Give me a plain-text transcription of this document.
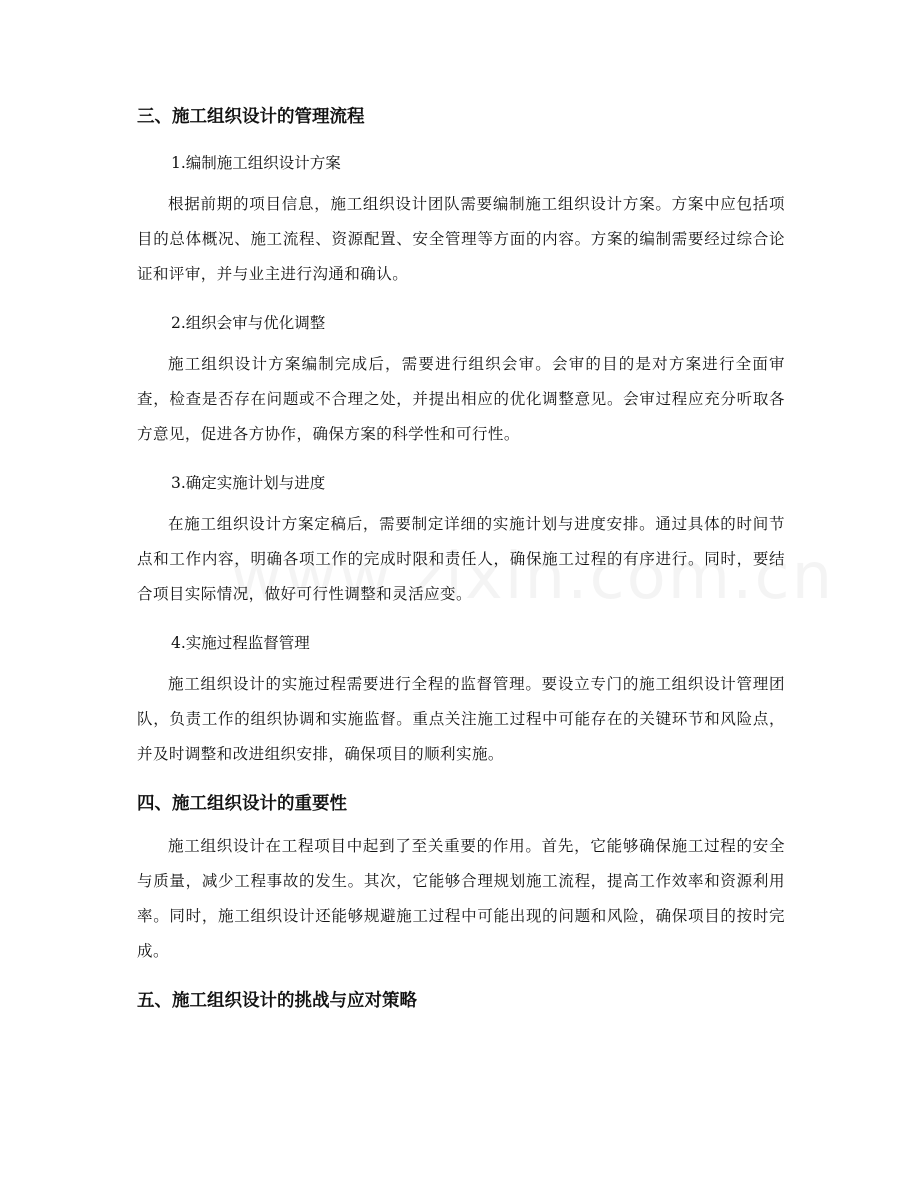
三、施工组织设计的管理流程

1.编制施工组织设计方案

根据前期的项目信息，施工组织设计团队需要编制施工组织设计方案。方案中应包括项目的总体概况、施工流程、资源配置、安全管理等方面的内容。方案的编制需要经过综合论证和评审，并与业主进行沟通和确认。

2.组织会审与优化调整

施工组织设计方案编制完成后，需要进行组织会审。会审的目的是对方案进行全面审查，检查是否存在问题或不合理之处，并提出相应的优化调整意见。会审过程应充分听取各方意见，促进各方协作，确保方案的科学性和可行性。

3.确定实施计划与进度

在施工组织设计方案定稿后，需要制定详细的实施计划与进度安排。通过具体的时间节点和工作内容，明确各项工作的完成时限和责任人，确保施工过程的有序进行。同时，要结合项目实际情况，做好可行性调整和灵活应变。

4.实施过程监督管理

施工组织设计的实施过程需要进行全程的监督管理。要设立专门的施工组织设计管理团队，负责工作的组织协调和实施监督。重点关注施工过程中可能存在的关键环节和风险点，并及时调整和改进组织安排，确保项目的顺利实施。

四、施工组织设计的重要性

施工组织设计在工程项目中起到了至关重要的作用。首先，它能够确保施工过程的安全与质量，减少工程事故的发生。其次，它能够合理规划施工流程，提高工作效率和资源利用率。同时，施工组织设计还能够规避施工过程中可能出现的问题和风险，确保项目的按时完成。

五、施工组织设计的挑战与应对策略
